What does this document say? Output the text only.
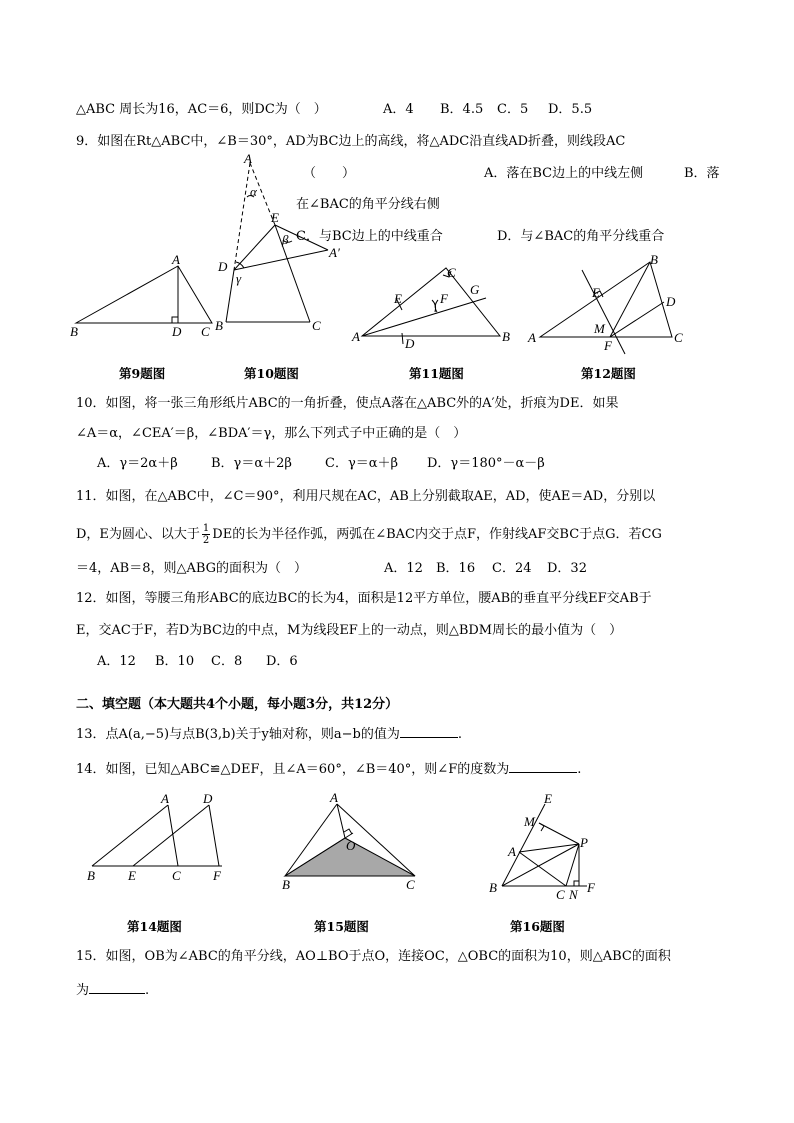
△ABC 周长为16，AC＝6，则DC为（　）	A．4 B．4.5 C．5 D．5.5
9．如图在Rt△ABC中，∠B＝30°，AD为BC边上的高线，将△ADC沿直线AD折叠，则线段AC
（　　）	A．落在BC边上的中线左侧	B．落
在∠BAC的角平分线右侧
C．与BC边上的中线重合	D．与∠BAC的角平分线重合
A
B	D C
A
α
E
β
D
γ
A′
B	C
C
E	F
G
A	D	B
B
E
D
M
A
F
C
第9题图	第10题图	第11题图	第12题图
10．如图，将一张三角形纸片ABC的一角折叠，使点A落在△ABC外的A′处，折痕为DE．如果
∠A＝α，∠CEA′＝β，∠BDA′＝γ，那么下列式子中正确的是（　）
A．γ＝2α＋β	B．γ＝α＋2β	C．γ＝α＋β D．γ＝180°－α－β
11．如图，在△ABC中，∠C＝90°，利用尺规在AC，AB上分别截取AE，AD，使AE＝AD，分别以
D，E为圆心、以大于 $\frac{1}{2}$ DE的长为半径作弧，两弧在∠BAC内交于点F，作射线AF交BC于点G．若CG
＝4，AB＝8，则△ABG的面积为（　）	A．12 B．16 C．24 D．32
12．如图，等腰三角形ABC的底边BC的长为4，面积是12平方单位，腰AB的垂直平分线EF交AB于
E，交AC于F，若D为BC边的中点，M为线段EF上的一动点，则△BDM周长的最小值为（　）
A．12 B．10 C．8 D．6
二、填空题（本大题共4个小题，每小题3分，共12分）
13．点A(a,−5)与点B(3,b)关于y轴对称，则a−b的值为	.
14．如图，已知△ABC≌△DEF，且∠A＝60°，∠B＝40°，则∠F的度数为	.
A	D
B	E	C F
A
O
B	C
E
M
P
A
B	C N F
第14题图	第15题图	第16题图
15．如图，OB为∠ABC的角平分线，AO⊥BO于点O，连接OC，△OBC的面积为10，则△ABC的面积
为	.
